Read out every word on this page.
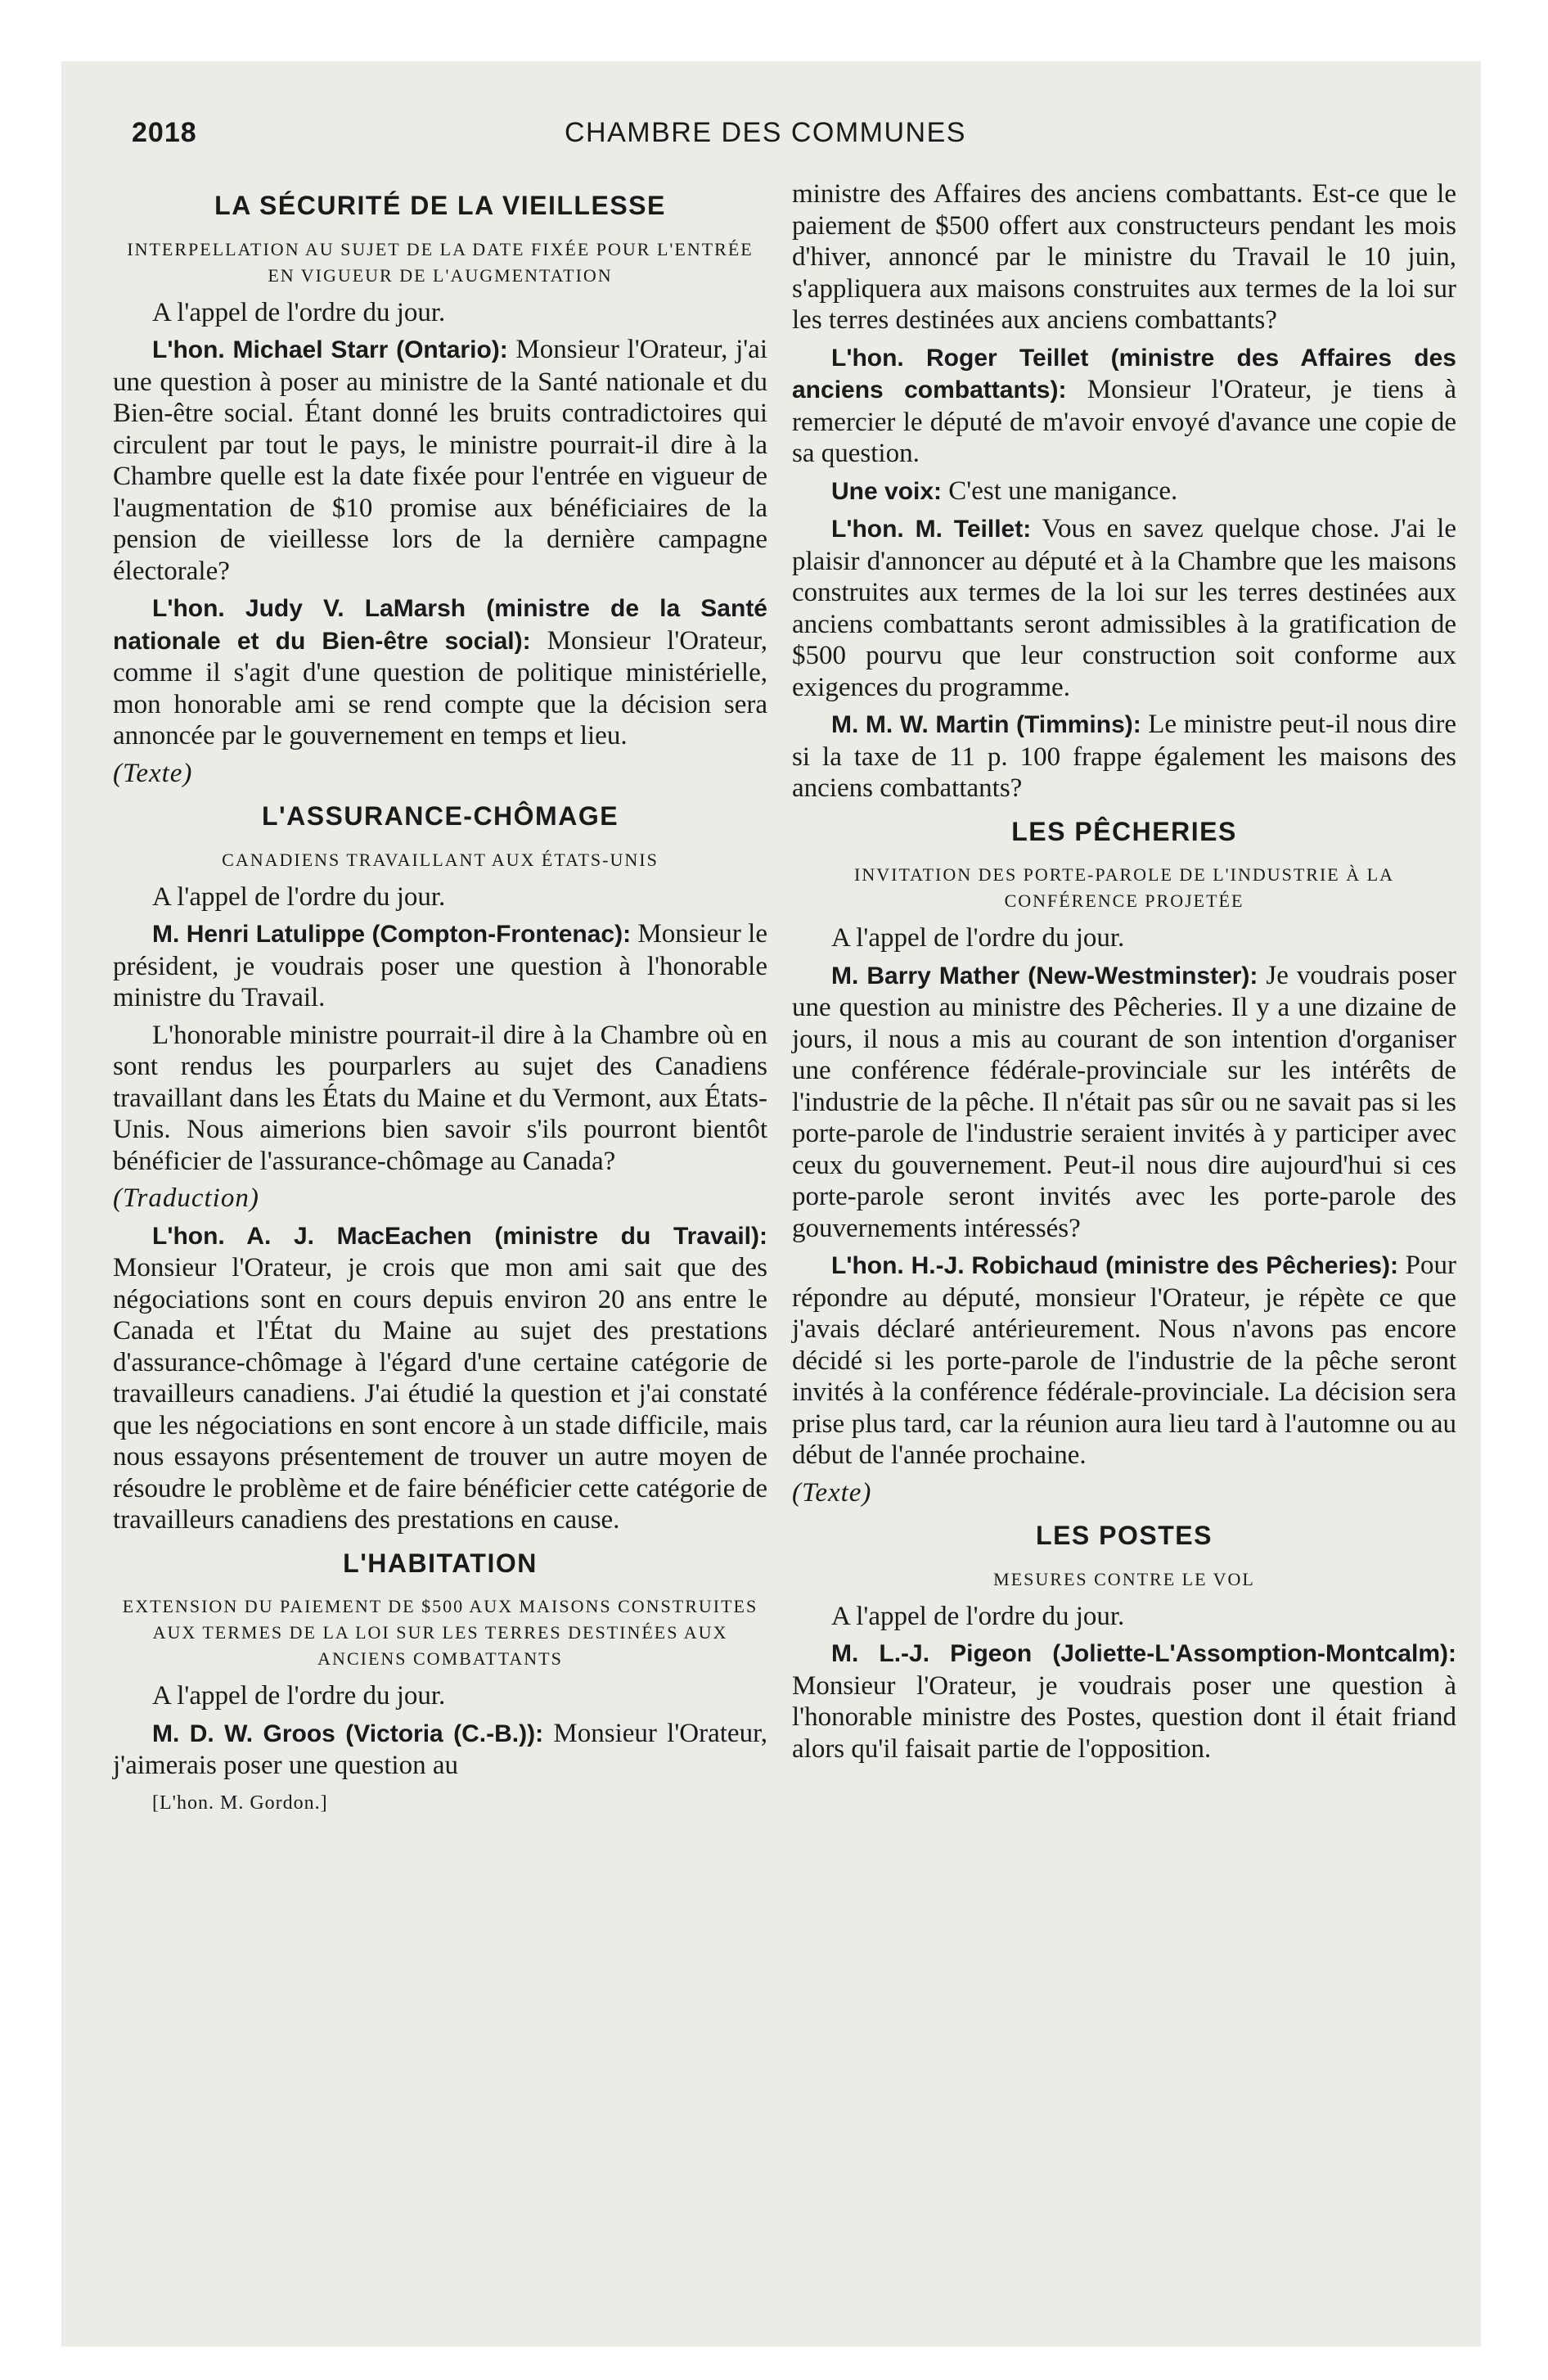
2018	CHAMBRE DES COMMUNES
LA SÉCURITÉ DE LA VIEILLESSE
INTERPELLATION AU SUJET DE LA DATE FIXÉE POUR L'ENTRÉE EN VIGUEUR DE L'AUGMENTATION

A l'appel de l'ordre du jour.

L'hon. Michael Starr (Ontario): Monsieur l'Orateur, j'ai une question à poser au ministre de la Santé nationale et du Bien-être social. Étant donné les bruits contradictoires qui circulent par tout le pays, le ministre pourrait-il dire à la Chambre quelle est la date fixée pour l'entrée en vigueur de l'augmentation de $10 promise aux bénéficiaires de la pension de vieillesse lors de la dernière campagne électorale?

L'hon. Judy V. LaMarsh (ministre de la Santé nationale et du Bien-être social): Monsieur l'Orateur, comme il s'agit d'une question de politique ministérielle, mon honorable ami se rend compte que la décision sera annoncée par le gouvernement en temps et lieu.

(Texte)

L'ASSURANCE-CHÔMAGE
CANADIENS TRAVAILLANT AUX ÉTATS-UNIS

A l'appel de l'ordre du jour.

M. Henri Latulippe (Compton-Frontenac): Monsieur le président, je voudrais poser une question à l'honorable ministre du Travail.

L'honorable ministre pourrait-il dire à la Chambre où en sont rendus les pourparlers au sujet des Canadiens travaillant dans les États du Maine et du Vermont, aux États-Unis. Nous aimerions bien savoir s'ils pourront bientôt bénéficier de l'assurance-chômage au Canada?

(Traduction)

L'hon. A. J. MacEachen (ministre du Travail): Monsieur l'Orateur, je crois que mon ami sait que des négociations sont en cours depuis environ 20 ans entre le Canada et l'État du Maine au sujet des prestations d'assurance-chômage à l'égard d'une certaine catégorie de travailleurs canadiens. J'ai étudié la question et j'ai constaté que les négociations en sont encore à un stade difficile, mais nous essayons présentement de trouver un autre moyen de résoudre le problème et de faire bénéficier cette catégorie de travailleurs canadiens des prestations en cause.

L'HABITATION
EXTENSION DU PAIEMENT DE $500 AUX MAISONS CONSTRUITES AUX TERMES DE LA LOI SUR LES TERRES DESTINÉES AUX ANCIENS COMBATTANTS

A l'appel de l'ordre du jour.

M. D. W. Groos (Victoria (C.-B.)): Monsieur l'Orateur, j'aimerais poser une question au

[L'hon. M. Gordon.]

ministre des Affaires des anciens combattants. Est-ce que le paiement de $500 offert aux constructeurs pendant les mois d'hiver, annoncé par le ministre du Travail le 10 juin, s'appliquera aux maisons construites aux termes de la loi sur les terres destinées aux anciens combattants?

L'hon. Roger Teillet (ministre des Affaires des anciens combattants): Monsieur l'Orateur, je tiens à remercier le député de m'avoir envoyé d'avance une copie de sa question.

Une voix: C'est une manigance.

L'hon. M. Teillet: Vous en savez quelque chose. J'ai le plaisir d'annoncer au député et à la Chambre que les maisons construites aux termes de la loi sur les terres destinées aux anciens combattants seront admissibles à la gratification de $500 pourvu que leur construction soit conforme aux exigences du programme.

M. M. W. Martin (Timmins): Le ministre peut-il nous dire si la taxe de 11 p. 100 frappe également les maisons des anciens combattants?

LES PÊCHERIES
INVITATION DES PORTE-PAROLE DE L'INDUSTRIE À LA CONFÉRENCE PROJETÉE

A l'appel de l'ordre du jour.

M. Barry Mather (New-Westminster): Je voudrais poser une question au ministre des Pêcheries. Il y a une dizaine de jours, il nous a mis au courant de son intention d'organiser une conférence fédérale-provinciale sur les intérêts de l'industrie de la pêche. Il n'était pas sûr ou ne savait pas si les porte-parole de l'industrie seraient invités à y participer avec ceux du gouvernement. Peut-il nous dire aujourd'hui si ces porte-parole seront invités avec les porte-parole des gouvernements intéressés?

L'hon. H.-J. Robichaud (ministre des Pêcheries): Pour répondre au député, monsieur l'Orateur, je répète ce que j'avais déclaré antérieurement. Nous n'avons pas encore décidé si les porte-parole de l'industrie de la pêche seront invités à la conférence fédérale-provinciale. La décision sera prise plus tard, car la réunion aura lieu tard à l'automne ou au début de l'année prochaine.

(Texte)

LES POSTES
MESURES CONTRE LE VOL

A l'appel de l'ordre du jour.

M. L.-J. Pigeon (Joliette-L'Assomption-Montcalm): Monsieur l'Orateur, je voudrais poser une question à l'honorable ministre des Postes, question dont il était friand alors qu'il faisait partie de l'opposition.
